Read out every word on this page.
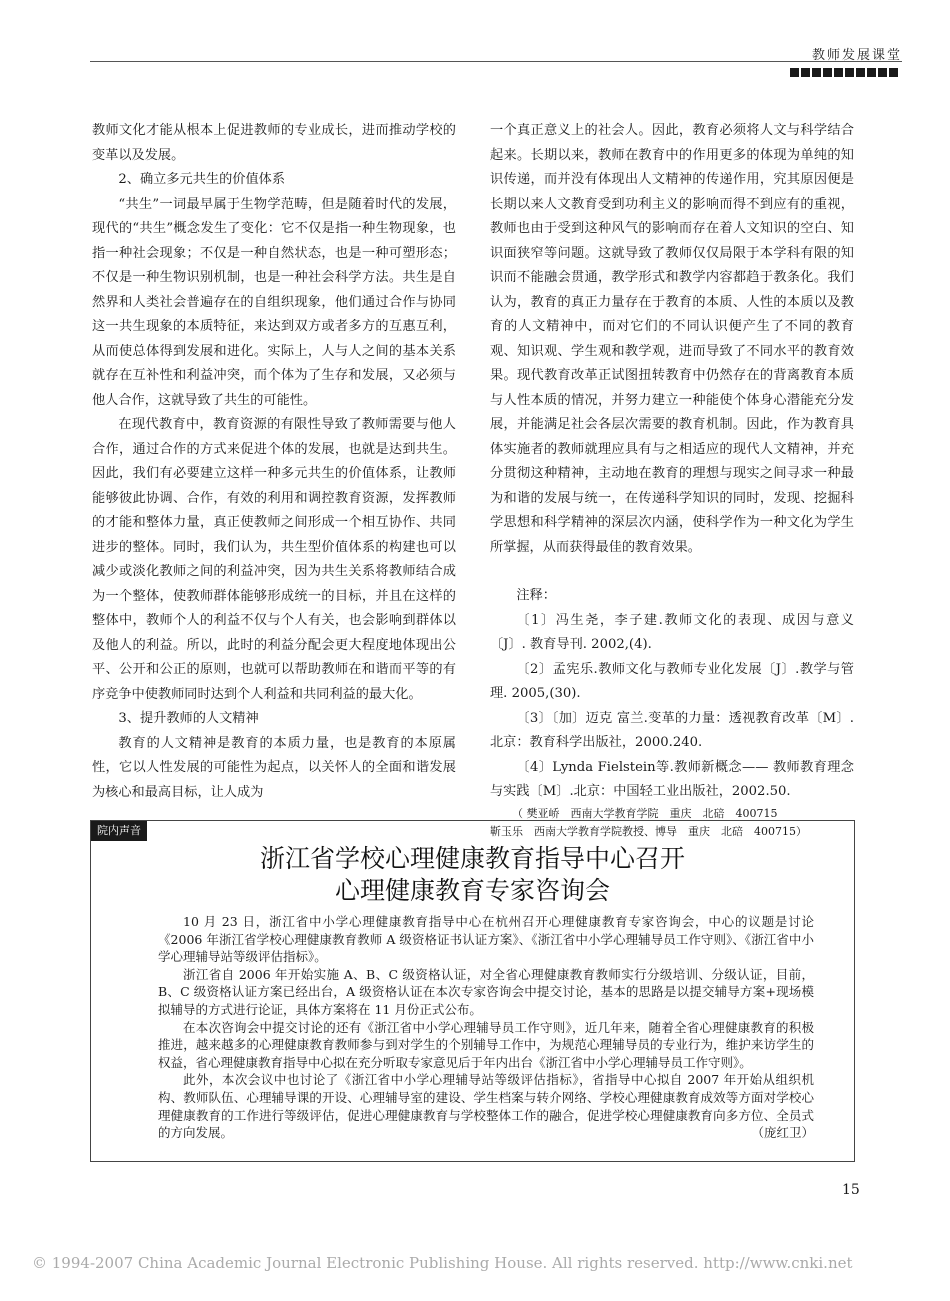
教师发展课堂

教师文化才能从根本上促进教师的专业成长，进而推动学校的变革以及发展。

2、确立多元共生的价值体系

“共生”一词最早属于生物学范畴，但是随着时代的发展，现代的“共生”概念发生了变化：它不仅是指一种生物现象，也指一种社会现象；不仅是一种自然状态，也是一种可塑形态；不仅是一种生物识别机制，也是一种社会科学方法。共生是自然界和人类社会普遍存在的自组织现象，他们通过合作与协同这一共生现象的本质特征，来达到双方或者多方的互惠互利，从而使总体得到发展和进化。实际上，人与人之间的基本关系就存在互补性和利益冲突，而个体为了生存和发展，又必须与他人合作，这就导致了共生的可能性。

在现代教育中，教育资源的有限性导致了教师需要与他人合作，通过合作的方式来促进个体的发展，也就是达到共生。因此，我们有必要建立这样一种多元共生的价值体系，让教师能够彼此协调、合作，有效的利用和调控教育资源，发挥教师的才能和整体力量，真正使教师之间形成一个相互协作、共同进步的整体。同时，我们认为，共生型价值体系的构建也可以减少或淡化教师之间的利益冲突，因为共生关系将教师结合成为一个整体，使教师群体能够形成统一的目标，并且在这样的整体中，教师个人的利益不仅与个人有关，也会影响到群体以及他人的利益。所以，此时的利益分配会更大程度地体现出公平、公开和公正的原则，也就可以帮助教师在和谐而平等的有序竞争中使教师同时达到个人利益和共同利益的最大化。

3、提升教师的人文精神

教育的人文精神是教育的本质力量，也是教育的本原属性，它以人性发展的可能性为起点，以关怀人的全面和谐发展为核心和最高目标，让人成为

一个真正意义上的社会人。因此，教育必须将人文与科学结合起来。长期以来，教师在教育中的作用更多的体现为单纯的知识传递，而并没有体现出人文精神的传递作用，究其原因便是长期以来人文教育受到功利主义的影响而得不到应有的重视，教师也由于受到这种风气的影响而存在着人文知识的空白、知识面狭窄等问题。这就导致了教师仅仅局限于本学科有限的知识而不能融会贯通，教学形式和教学内容都趋于教条化。我们认为，教育的真正力量存在于教育的本质、人性的本质以及教育的人文精神中，而对它们的不同认识便产生了不同的教育观、知识观、学生观和教学观，进而导致了不同水平的教育效果。现代教育改革正试图扭转教育中仍然存在的背离教育本质与人性本质的情况，并努力建立一种能使个体身心潜能充分发展，并能满足社会各层次需要的教育机制。因此，作为教育具体实施者的教师就理应具有与之相适应的现代人文精神，并充分贯彻这种精神，主动地在教育的理想与现实之间寻求一种最为和谐的发展与统一，在传递科学知识的同时，发现、挖掘科学思想和科学精神的深层次内涵，使科学作为一种文化为学生所掌握，从而获得最佳的教育效果。

注释：

〔1〕冯生尧，李子建.教师文化的表现、成因与意义〔J〕. 教育导刊. 2002,(4).

〔2〕孟宪乐.教师文化与教师专业化发展〔J〕.教学与管理. 2005,(30).

〔3〕〔加〕迈克 富兰.变革的力量：透视教育改革〔M〕.北京：教育科学出版社，2000.240.

〔4〕Lynda Fielstein等.教师新概念—— 教师教育理念与实践〔M〕.北京：中国轻工业出版社，2002.50.

（ 樊亚峤　西南大学教育学院　重庆　北碚　400715

靳玉乐　西南大学教育学院教授、博导　重庆　北碚　400715）

院内声音
浙江省学校心理健康教育指导中心召开
心理健康教育专家咨询会

10 月 23 日，浙江省中小学心理健康教育指导中心在杭州召开心理健康教育专家咨询会，中心的议题是讨论《2006 年浙江省学校心理健康教育教师 A 级资格证书认证方案》、《浙江省中小学心理辅导员工作守则》、《浙江省中小学心理辅导站等级评估指标》。

浙江省自 2006 年开始实施 A、B、C 级资格认证，对全省心理健康教育教师实行分级培训、分级认证，目前，B、C 级资格认证方案已经出台，A 级资格认证在本次专家咨询会中提交讨论，基本的思路是以提交辅导方案+现场模拟辅导的方式进行论证，具体方案将在 11 月份正式公布。

在本次咨询会中提交讨论的还有《浙江省中小学心理辅导员工作守则》，近几年来，随着全省心理健康教育的积极推进，越来越多的心理健康教育教师参与到对学生的个别辅导工作中，为规范心理辅导员的专业行为，维护来访学生的权益，省心理健康教育指导中心拟在充分听取专家意见后于年内出台《浙江省中小学心理辅导员工作守则》。

此外，本次会议中也讨论了《浙江省中小学心理辅导站等级评估指标》，省指导中心拟自 2007 年开始从组织机构、教师队伍、心理辅导课的开设、心理辅导室的建设、学生档案与转介网络、学校心理健康教育成效等方面对学校心理健康教育的工作进行等级评估，促进心理健康教育与学校整体工作的融合，促进学校心理健康教育向多方位、全员式的方向发展。	（庞红卫）

15
© 1994-2007 China Academic Journal Electronic Publishing House. All rights reserved. http://www.cnki.net
